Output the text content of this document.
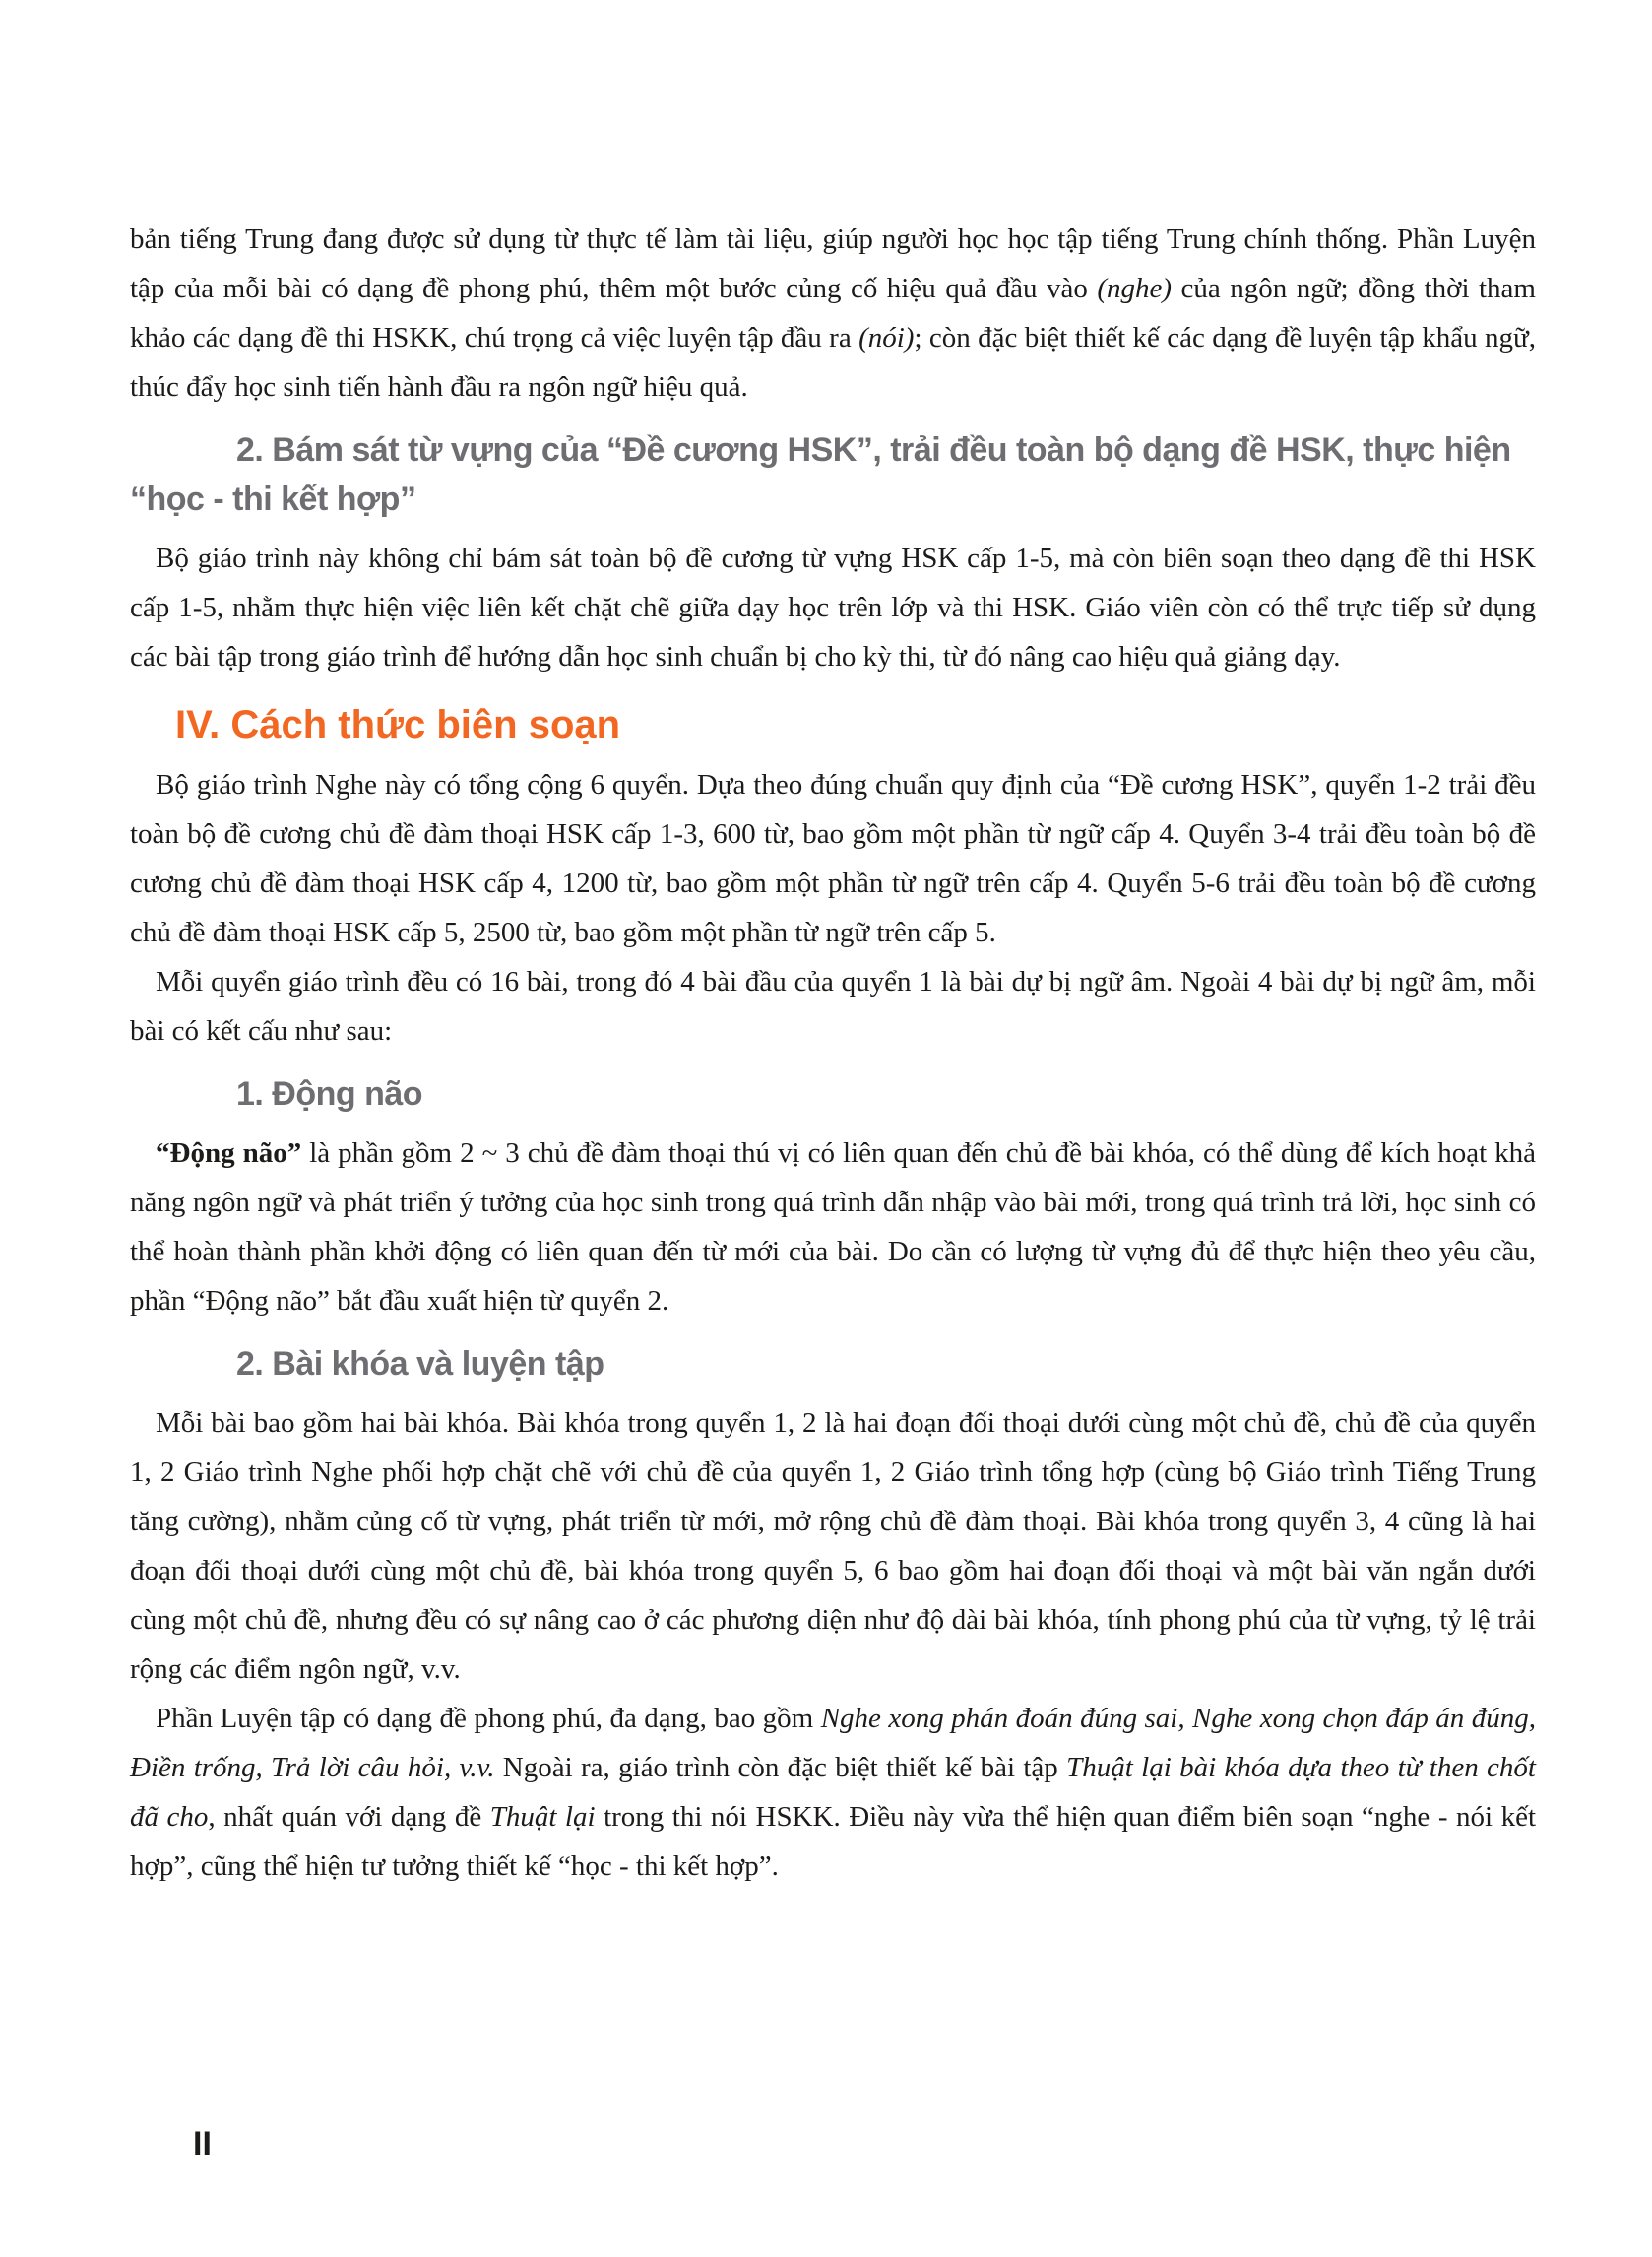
bản tiếng Trung đang được sử dụng từ thực tế làm tài liệu, giúp người học học tập tiếng Trung chính thống. Phần Luyện tập của mỗi bài có dạng đề phong phú, thêm một bước củng cố hiệu quả đầu vào (nghe) của ngôn ngữ; đồng thời tham khảo các dạng đề thi HSKK, chú trọng cả việc luyện tập đầu ra (nói); còn đặc biệt thiết kế các dạng đề luyện tập khẩu ngữ, thúc đẩy học sinh tiến hành đầu ra ngôn ngữ hiệu quả.

2. Bám sát từ vựng của “Đề cương HSK”, trải đều toàn bộ dạng đề HSK, thực hiện “học - thi kết hợp”

Bộ giáo trình này không chỉ bám sát toàn bộ đề cương từ vựng HSK cấp 1-5, mà còn biên soạn theo dạng đề thi HSK cấp 1-5, nhằm thực hiện việc liên kết chặt chẽ giữa dạy học trên lớp và thi HSK. Giáo viên còn có thể trực tiếp sử dụng các bài tập trong giáo trình để hướng dẫn học sinh chuẩn bị cho kỳ thi, từ đó nâng cao hiệu quả giảng dạy.

IV. Cách thức biên soạn

Bộ giáo trình Nghe này có tổng cộng 6 quyển. Dựa theo đúng chuẩn quy định của “Đề cương HSK”, quyển 1-2 trải đều toàn bộ đề cương chủ đề đàm thoại HSK cấp 1-3, 600 từ, bao gồm một phần từ ngữ cấp 4. Quyển 3-4 trải đều toàn bộ đề cương chủ đề đàm thoại HSK cấp 4, 1200 từ, bao gồm một phần từ ngữ trên cấp 4. Quyển 5-6 trải đều toàn bộ đề cương chủ đề đàm thoại HSK cấp 5, 2500 từ, bao gồm một phần từ ngữ trên cấp 5.

Mỗi quyển giáo trình đều có 16 bài, trong đó 4 bài đầu của quyển 1 là bài dự bị ngữ âm. Ngoài 4 bài dự bị ngữ âm, mỗi bài có kết cấu như sau:

1. Động não

“Động não” là phần gồm 2 ~ 3 chủ đề đàm thoại thú vị có liên quan đến chủ đề bài khóa, có thể dùng để kích hoạt khả năng ngôn ngữ và phát triển ý tưởng của học sinh trong quá trình dẫn nhập vào bài mới, trong quá trình trả lời, học sinh có thể hoàn thành phần khởi động có liên quan đến từ mới của bài. Do cần có lượng từ vựng đủ để thực hiện theo yêu cầu, phần “Động não” bắt đầu xuất hiện từ quyển 2.

2. Bài khóa và luyện tập

Mỗi bài bao gồm hai bài khóa. Bài khóa trong quyển 1, 2 là hai đoạn đối thoại dưới cùng một chủ đề, chủ đề của quyển 1, 2 Giáo trình Nghe phối hợp chặt chẽ với chủ đề của quyển 1, 2 Giáo trình tổng hợp (cùng bộ Giáo trình Tiếng Trung tăng cường), nhằm củng cố từ vựng, phát triển từ mới, mở rộng chủ đề đàm thoại. Bài khóa trong quyển 3, 4 cũng là hai đoạn đối thoại dưới cùng một chủ đề, bài khóa trong quyển 5, 6 bao gồm hai đoạn đối thoại và một bài văn ngắn dưới cùng một chủ đề, nhưng đều có sự nâng cao ở các phương diện như độ dài bài khóa, tính phong phú của từ vựng, tỷ lệ trải rộng các điểm ngôn ngữ, v.v.

Phần Luyện tập có dạng đề phong phú, đa dạng, bao gồm Nghe xong phán đoán đúng sai, Nghe xong chọn đáp án đúng, Điền trống, Trả lời câu hỏi, v.v. Ngoài ra, giáo trình còn đặc biệt thiết kế bài tập Thuật lại bài khóa dựa theo từ then chốt đã cho, nhất quán với dạng đề Thuật lại trong thi nói HSKK. Điều này vừa thể hiện quan điểm biên soạn “nghe - nói kết hợp”, cũng thể hiện tư tưởng thiết kế “học - thi kết hợp”.

II
